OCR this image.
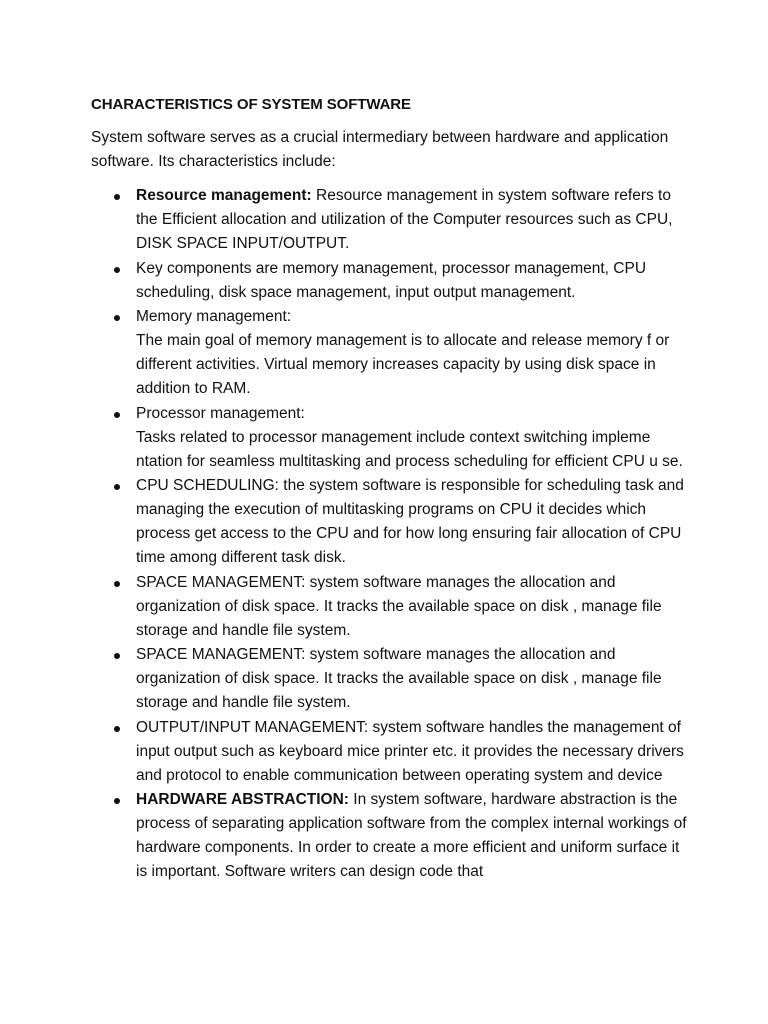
CHARACTERISTICS OF SYSTEM SOFTWARE
System software serves as a crucial intermediary between hardware and application software. Its characteristics include:
Resource management: Resource management in system software refers to the Efficient allocation and utilization of the Computer resources such as CPU, DISK SPACE INPUT/OUTPUT.
Key components are memory management, processor management, CPU scheduling, disk space management, input output management.
Memory management:
The main goal of memory management is to allocate and release memory f or different activities. Virtual memory increases capacity by using disk space in addition to RAM.
Processor management:
Tasks related to processor management include context switching impleme ntation for seamless multitasking and process scheduling for efficient CPU u se.
CPU SCHEDULING: the system software is responsible for scheduling task and managing the execution of multitasking programs on CPU it decides which process get access to the CPU and for how long ensuring fair allocation of CPU time among different task disk.
SPACE MANAGEMENT: system software manages the allocation and organization of disk space. It tracks the available space on disk , manage file storage and handle file system.
SPACE MANAGEMENT: system software manages the allocation and organization of disk space. It tracks the available space on disk , manage file storage and handle file system.
OUTPUT/INPUT MANAGEMENT: system software handles the management of input output such as keyboard mice printer etc. it provides the necessary drivers and protocol to enable communication between operating system and device
HARDWARE ABSTRACTION: In system software, hardware abstraction is the process of separating application software from the complex internal workings of hardware components. In order to create a more efficient and uniform surface it is important. Software writers can design code that
